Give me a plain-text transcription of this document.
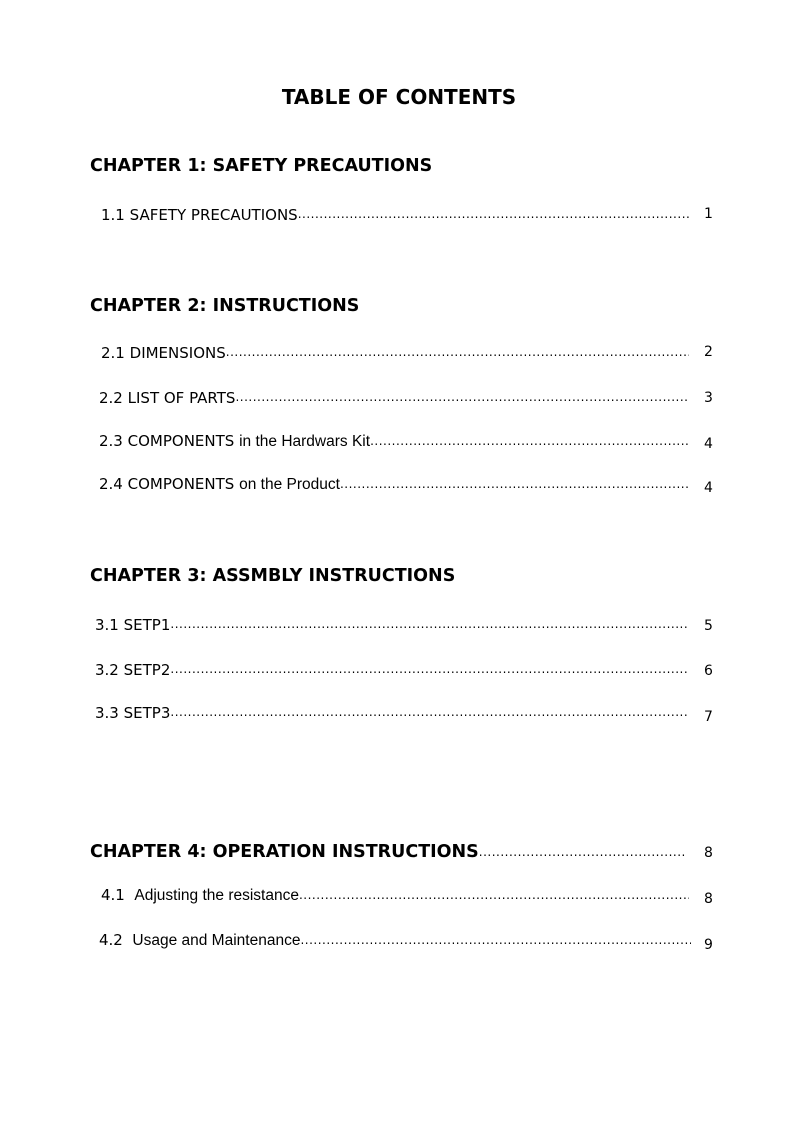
TABLE OF CONTENTS
CHAPTER 1: SAFETY PRECAUTIONS
1.1 SAFETY PRECAUTIONS .....	1
CHAPTER 2: INSTRUCTIONS
2.1 DIMENSIONS .....	2
2.2 LIST OF PARTS .....	3
2.3 COMPONENTS in the Hardwars Kit .....	4
2.4 COMPONENTS on the Product .....	4
CHAPTER 3: ASSMBLY INSTRUCTIONS
3.1 SETP1 .....	5
3.2 SETP2 .....	6
3.3 SETP3 .....	7
CHAPTER 4: OPERATION INSTRUCTIONS .....	8
4.1 Adjusting the resistance .....	8
4.2 Usage and Maintenance .....	9
